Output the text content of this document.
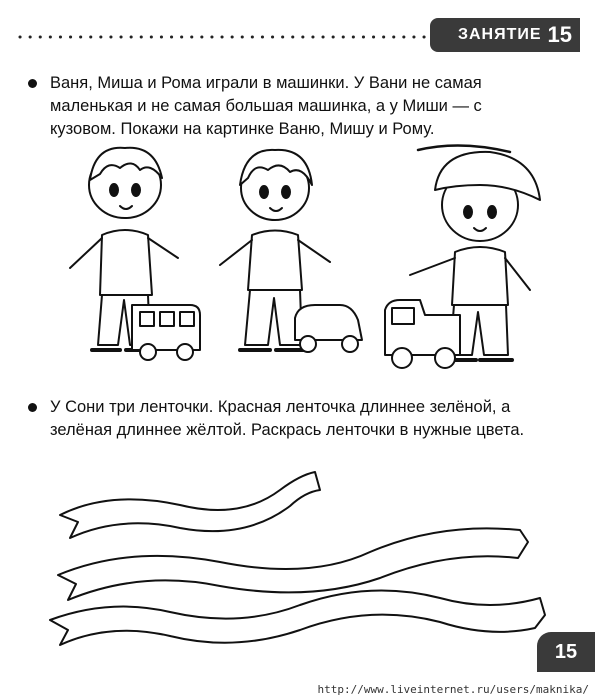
ЗАНЯТИЕ 15
Ваня, Миша и Рома играли в машинки. У Вани не самая маленькая и не самая большая машинка, а у Миши — с кузовом. Покажи на картинке Ваню, Мишу и Рому.
У Сони три ленточки. Красная ленточка длиннее зелёной, а зелёная длиннее жёлтой. Раскрась ленточки в нужные цвета.
15
http://www.liveinternet.ru/users/maknika/
